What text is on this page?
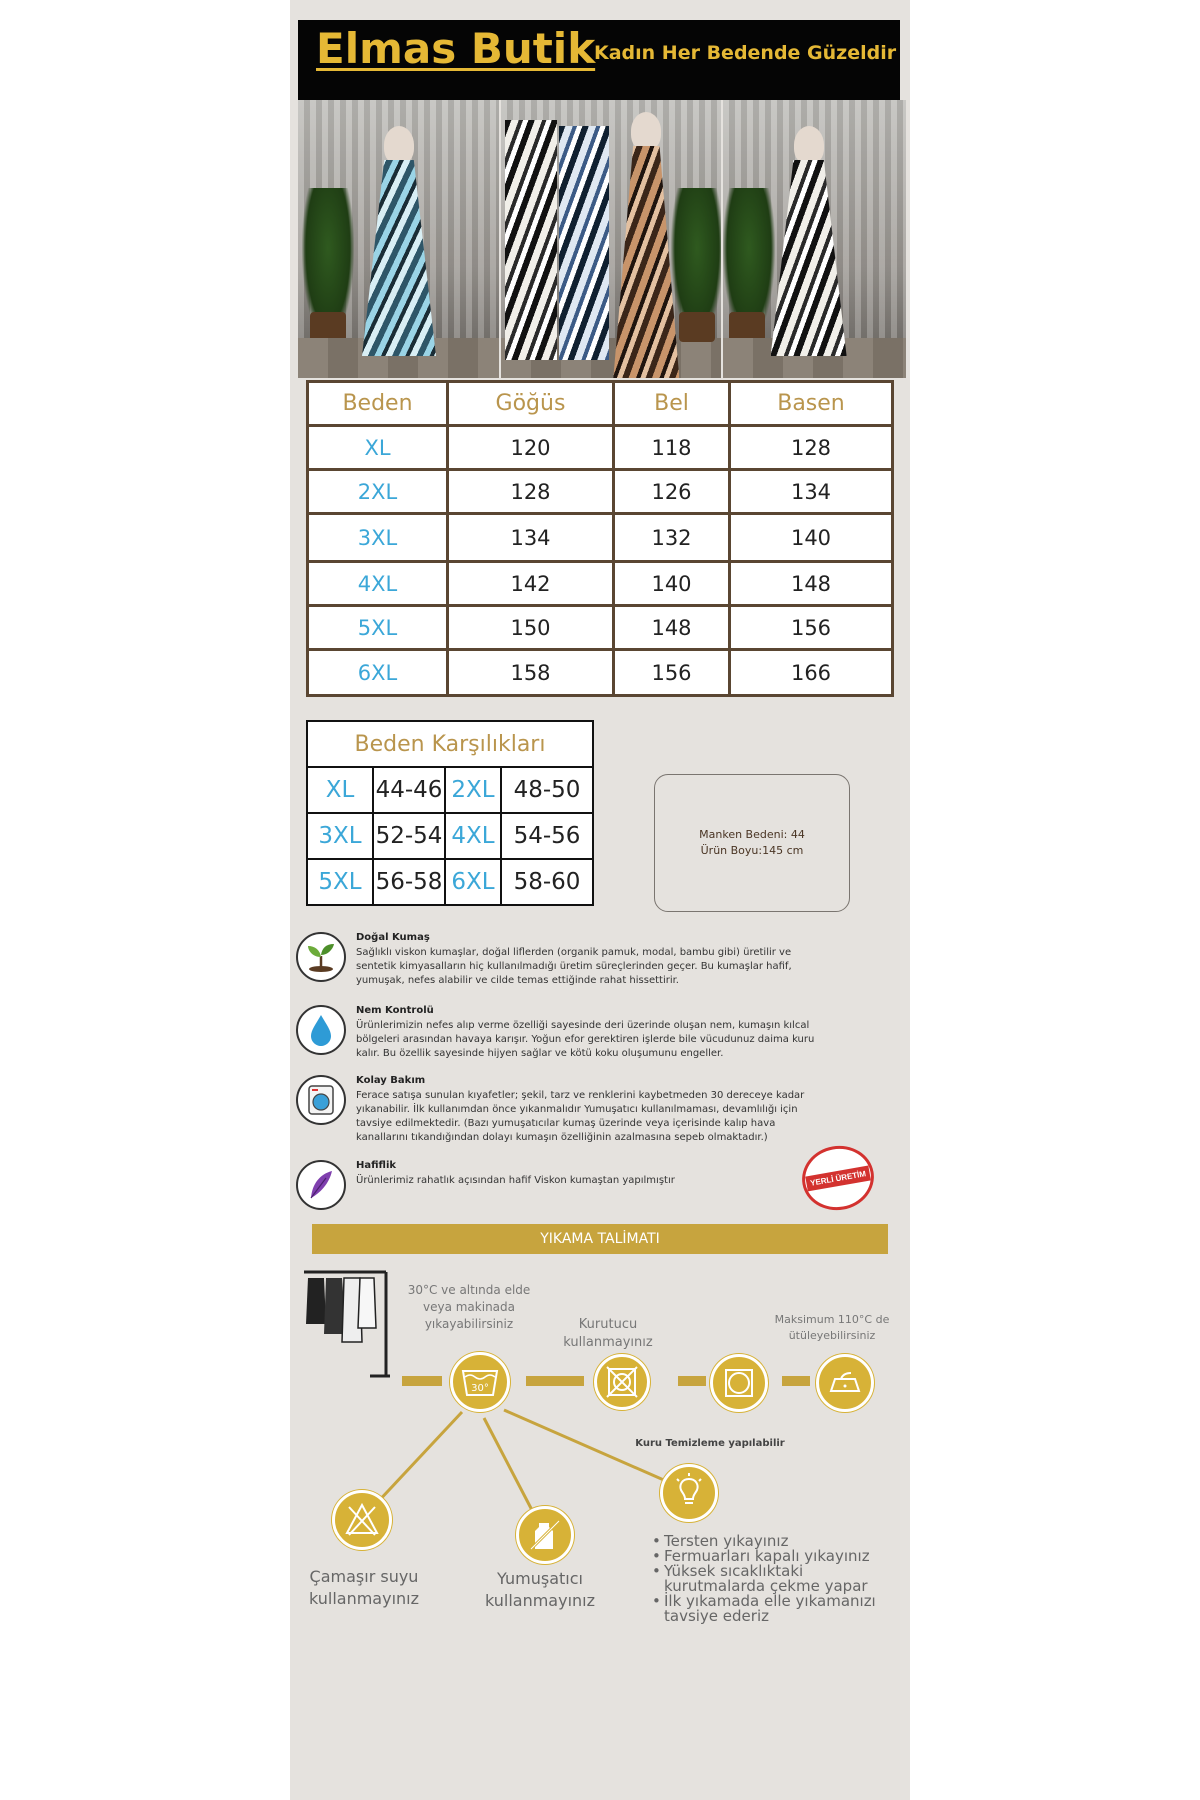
Elmas Butik
Kadın Her Bedende Güzeldir
Beden	Göğüs	Bel	Basen
XL	120	118	128
2XL	128	126	134
3XL	134	132	140
4XL	142	140	148
5XL	150	148	156
6XL	158	156	166
Beden Karşılıkları			
XL	44-46	2XL	48-50
3XL	52-54	4XL	54-56
5XL	56-58	6XL	58-60
Manken Bedeni: 44
Ürün Boyu:145 cm
Doğal Kumaş
Sağlıklı viskon kumaşlar, doğal liflerden (organik pamuk, modal, bambu gibi) üretilir ve sentetik kimyasalların hiç kullanılmadığı üretim süreçlerinden geçer. Bu kumaşlar hafif, yumuşak, nefes alabilir ve cilde temas ettiğinde rahat hissettirir.
Nem Kontrolü
Ürünlerimizin nefes alıp verme özelliği sayesinde deri üzerinde oluşan nem, kumaşın kılcal bölgeleri arasından havaya karışır. Yoğun efor gerektiren işlerde bile vücudunuz daima kuru kalır. Bu özellik sayesinde hijyen sağlar ve kötü koku oluşumunu engeller.
Kolay Bakım
Ferace satışa sunulan kıyafetler; şekil, tarz ve renklerini kaybetmeden 30 dereceye kadar yıkanabilir. İlk kullanımdan önce yıkanmalıdır Yumuşatıcı kullanılmaması, devamlılığı için tavsiye edilmektedir. (Bazı yumuşatıcılar kumaş üzerinde veya içerisinde kalıp hava kanallarını tıkandığından dolayı kumaşın özelliğinin azalmasına sepeb olmaktadır.)
Hafiflik
Ürünlerimiz rahatlık açısından hafif Viskon kumaştan yapılmıştır	YERLİ ÜRETİM
YIKAMA TALİMATI
30°C ve altında elde veya makinada yıkayabilirsiniz	Kurutucu kullanmayınız
Maksimum 110°C de ütüleyebilirsiniz
30°
Kuru Temizleme yapılabilir
Çamaşır suyu kullanmayınız
Yumuşatıcı kullanmayınız
• Tersten yıkayınız
• Fermuarları kapalı yıkayınız
• Yüksek sıcaklıktaki kurutmalarda çekme yapar
• İlk yıkamada elle yıkamanızı tavsiye ederiz
